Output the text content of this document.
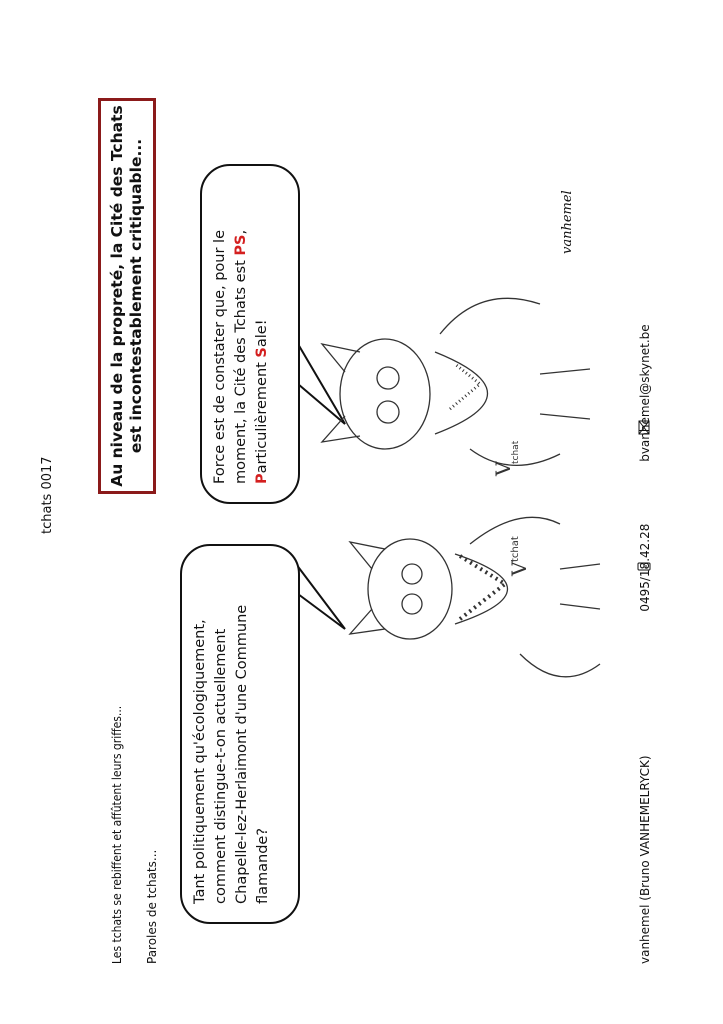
V
tchat
V
tchat
tchats 0017
Les tchats se rebiffent et affûtent leurs griffes... Paroles de tchats...
Au niveau de la propreté, la Cité des Tchats est incontestablement critiquable...
Tant politiquement qu'écologiquement, comment distingue-t-on actuellement Chapelle-lez-Herlaimont d'une Commune flamande?
Force est de constater que, pour le moment, la Cité des Tchats est PS,
Particulièrement Sale!
vanhemel
vanhemel (Bruno VANHEMELRYCK) 0495/18.42.28 bvanhemel@skynet.be
